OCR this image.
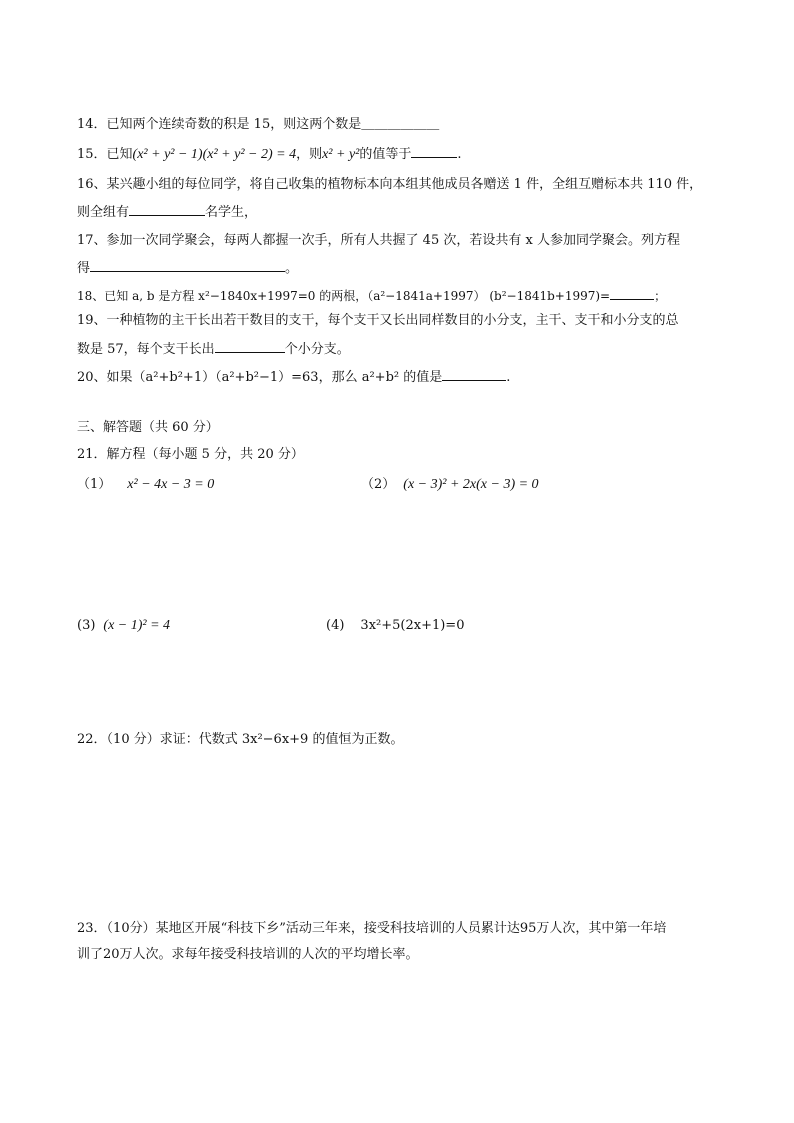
14．已知两个连续奇数的积是 15，则这两个数是＿＿＿＿＿＿
15．已知(x² + y² − 1)(x² + y² − 2) = 4，则x² + y²的值等于	.
16、某兴趣小组的每位同学，将自己收集的植物标本向本组其他成员各赠送 1 件，全组互赠标本共 110 件，
则全组有	名学生，
17、参加一次同学聚会，每两人都握一次手，所有人共握了 45 次，若设共有 x 人参加同学聚会。列方程
得	。
18、已知 a, b 是方程 x²−1840x+1997=0 的两根，（a²−1841a+1997） (b²−1841b+1997)=	；
19、一种植物的主干长出若干数目的支干，每个支干又长出同样数目的小分支，主干、支干和小分支的总
数是 57，每个支干长出	个小分支。
20、如果（a²+b²+1）（a²+b²−1）=63，那么 a²+b² 的值是	.
三、解答题（共 60 分）
21．解方程（每小题 5 分，共 20 分）
（1） x² − 4x − 3 = 0	（2） (x − 3)² + 2x(x − 3) = 0
(3) (x − 1)² = 4	(4) 3x²+5(2x+1)=0
22．（10 分）求证：代数式 3x²−6x+9 的值恒为正数。
23．（10分）某地区开展“科技下乡”活动三年来，接受科技培训的人员累计达95万人次，其中第一年培
训了20万人次。求每年接受科技培训的人次的平均增长率。
